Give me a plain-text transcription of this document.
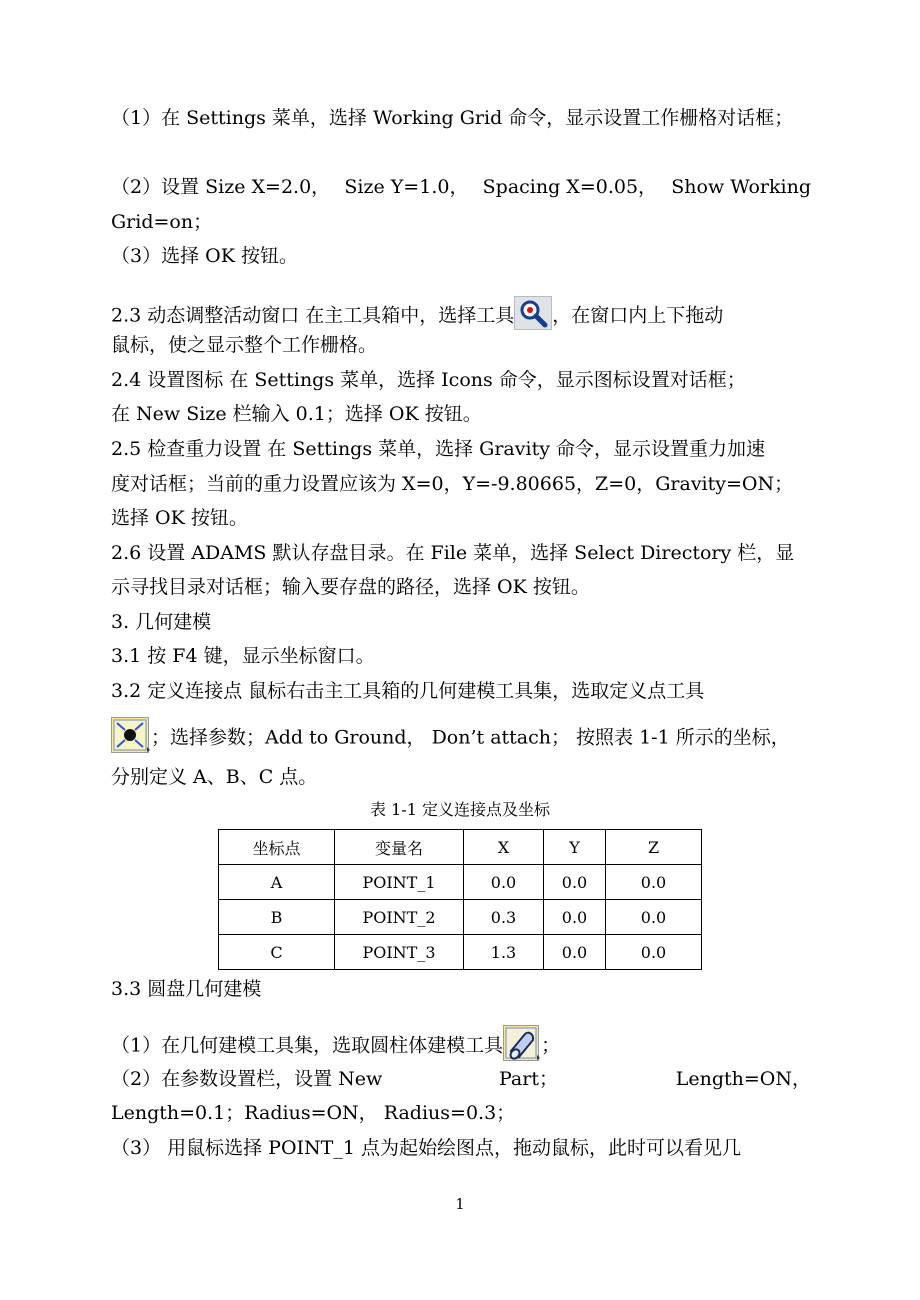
（1）在 Settings 菜单，选择 Working Grid 命令，显示设置工作栅格对话框；
（2）设置 Size X=2.0， Size Y=1.0， Spacing X=0.05， Show Working
Grid=on；
（3）选择 OK 按钮。
2.3 动态调整活动窗口 在主工具箱中，选择工具 ，在窗口内上下拖动
鼠标，使之显示整个工作栅格。
2.4 设置图标 在 Settings 菜单，选择 Icons 命令，显示图标设置对话框；
在 New Size 栏输入 0.1；选择 OK 按钮。
2.5 检查重力设置 在 Settings 菜单，选择 Gravity 命令，显示设置重力加速
度对话框；当前的重力设置应该为 X=0，Y=-9.80665，Z=0，Gravity=ON；
选择 OK 按钮。
2.6 设置 ADAMS 默认存盘目录。在 File 菜单，选择 Select Directory 栏，显
示寻找目录对话框；输入要存盘的路径，选择 OK 按钮。
3. 几何建模
3.1 按 F4 键，显示坐标窗口。
3.2 定义连接点 鼠标右击主工具箱的几何建模工具集，选取定义点工具
；选择参数；Add to Ground， Don’t attach； 按照表 1-1 所示的坐标，
分别定义 A、B、C 点。
表 1-1 定义连接点及坐标
坐标点	变量名	X	Y	Z
A	POINT_1	0.0	0.0	0.0
B	POINT_2	0.3	0.0	0.0
C	POINT_3	1.3	0.0	0.0
3.3 圆盘几何建模
（1）在几何建模工具集，选取圆柱体建模工具 ；
（2）在参数设置栏，设置 New	Part；	Length=ON，
Length=0.1；Radius=ON， Radius=0.3；
（3） 用鼠标选择 POINT_1 点为起始绘图点，拖动鼠标，此时可以看见几
1
